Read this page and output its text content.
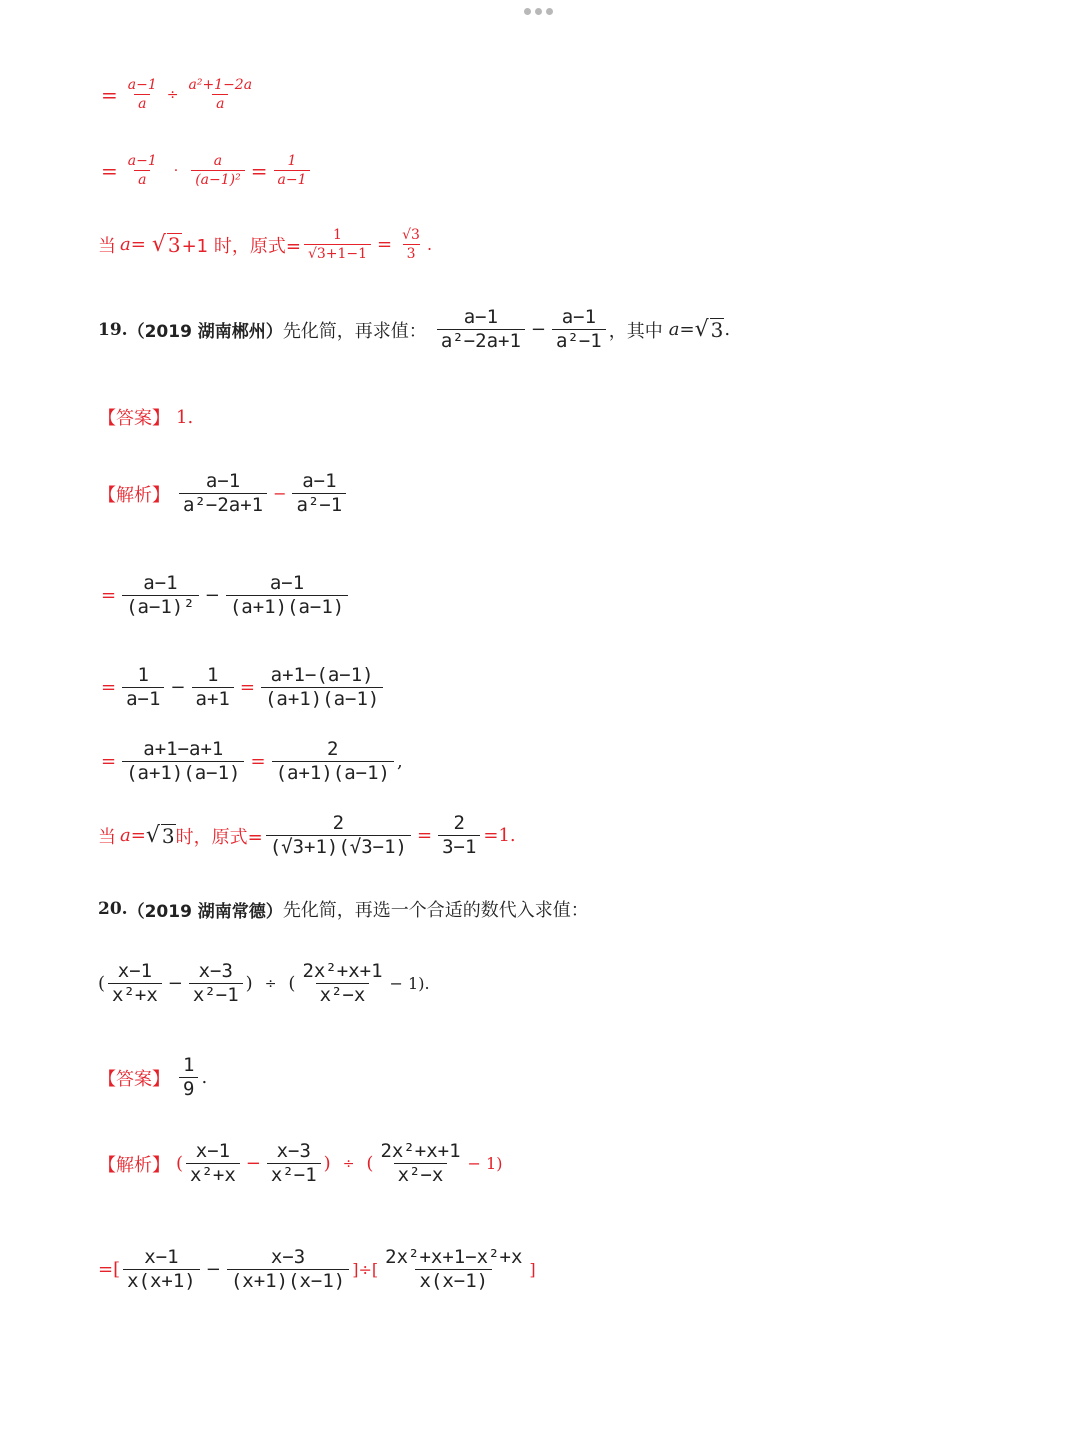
= $\frac{a-1}{a} \div \frac{\text{a²+1−2a}}{a}$
= $\frac{a-1}{a} \cdot \frac{a}{\text{(a−1)²}} = \frac{1}{a-1}$
当 a= √ 3 +1 时，原式= $\frac{1}{√3+1-1} = \frac{√3}{3}$ .
19. （2019 湖南郴州） 先化简，再求值： $\frac{a-1}{\text{a²−2a+1}} - \frac{a-1}{\text{a²−1}}$ ，其中 a= √ 3 .
【答案】 1.
【解析】 $\frac{a-1}{\text{a²−2a+1}} - \frac{a-1}{\text{a²−1}}$
= $\frac{a-1}{\text{(a−1)²}} - \frac{a-1}{(a+1)(a-1)}$
= $\frac{1}{a-1} - \frac{1}{a+1} = \frac{a+1-(a-1)}{(a+1)(a-1)}$
= $\frac{a+1-a+1}{(a+1)(a-1)} = \frac{2}{(a+1)(a-1)}$ ,
当 a= √ 3 时，原式= $\frac{2}{(√3+1)(√3-1)} = \frac{2}{3-1} =1$.
20. （2019 湖南常德） 先化简，再选一个合适的数代入求值：
( $\frac{x-1}{\text{x²+x}} - \frac{x-3}{\text{x²−1}}$ ) ÷ ( $\frac{\text{2x²+x+1}}{\text{x²−x}} - 1$ ).
【答案】 $\frac{1}{9}$ .
【解析】 ( $\frac{x-1}{\text{x²+x}} - \frac{x-3}{\text{x²−1}}$ ) ÷ ( $\frac{\text{2x²+x+1}}{\text{x²−x}} - 1$ )
=[ $\frac{x-1}{x(x+1)} - \frac{x-3}{(x+1)(x-1)}$ ]÷[ $\frac{\text{2x²+x+1−x²+x}}{x(x-1)}$ ]
